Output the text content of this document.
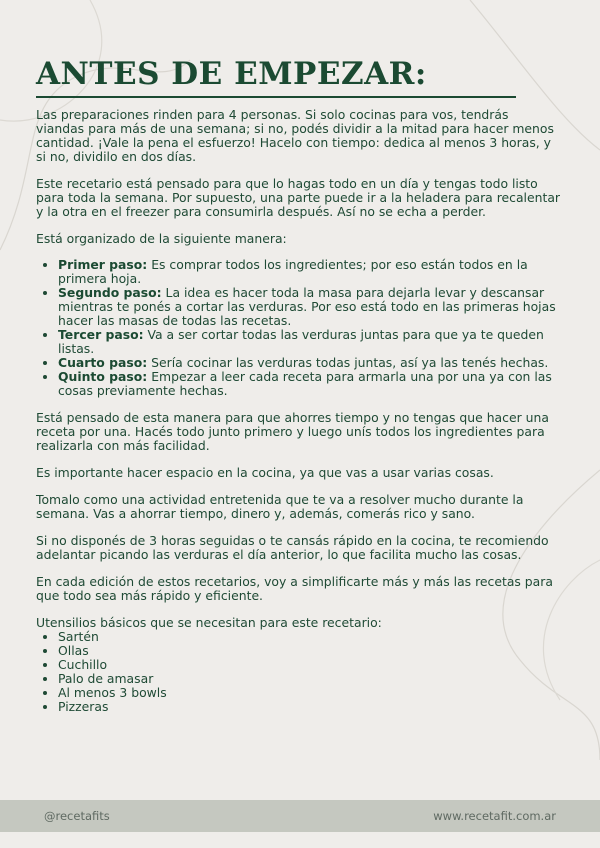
ANTES DE EMPEZAR:

Las preparaciones rinden para 4 personas. Si solo cocinas para vos, tendrás viandas para más de una semana; si no, podés dividir a la mitad para hacer menos cantidad. ¡Vale la pena el esfuerzo! Hacelo con tiempo: dedica al menos 3 horas, y si no, dividilo en dos días.

Este recetario está pensado para que lo hagas todo en un día y tengas todo listo para toda la semana. Por supuesto, una parte puede ir a la heladera para recalentar y la otra en el freezer para consumirla después. Así no se echa a perder.

Está organizado de la siguiente manera:

• Primer paso: Es comprar todos los ingredientes; por eso están todos en la primera hoja.
• Segundo paso: La idea es hacer toda la masa para dejarla levar y descansar mientras te ponés a cortar las verduras. Por eso está todo en las primeras hojas hacer las masas de todas las recetas.
• Tercer paso: Va a ser cortar todas las verduras juntas para que ya te queden listas.
• Cuarto paso: Sería cocinar las verduras todas juntas, así ya las tenés hechas.
• Quinto paso: Empezar a leer cada receta para armarla una por una ya con las cosas previamente hechas.

Está pensado de esta manera para que ahorres tiempo y no tengas que hacer una receta por una. Hacés todo junto primero y luego unís todos los ingredientes para realizarla con más facilidad.

Es importante hacer espacio en la cocina, ya que vas a usar varias cosas.

Tomalo como una actividad entretenida que te va a resolver mucho durante la semana. Vas a ahorrar tiempo, dinero y, además, comerás rico y sano.

Si no disponés de 3 horas seguidas o te cansás rápido en la cocina, te recomiendo adelantar picando las verduras el día anterior, lo que facilita mucho las cosas.

En cada edición de estos recetarios, voy a simplificarte más y más las recetas para que todo sea más rápido y eficiente.

Utensilios básicos que se necesitan para este recetario:

• Sartén
• Ollas
• Cuchillo
• Palo de amasar
• Al menos 3 bowls
• Pizzeras
@recetafits	www.recetafit.com.ar
